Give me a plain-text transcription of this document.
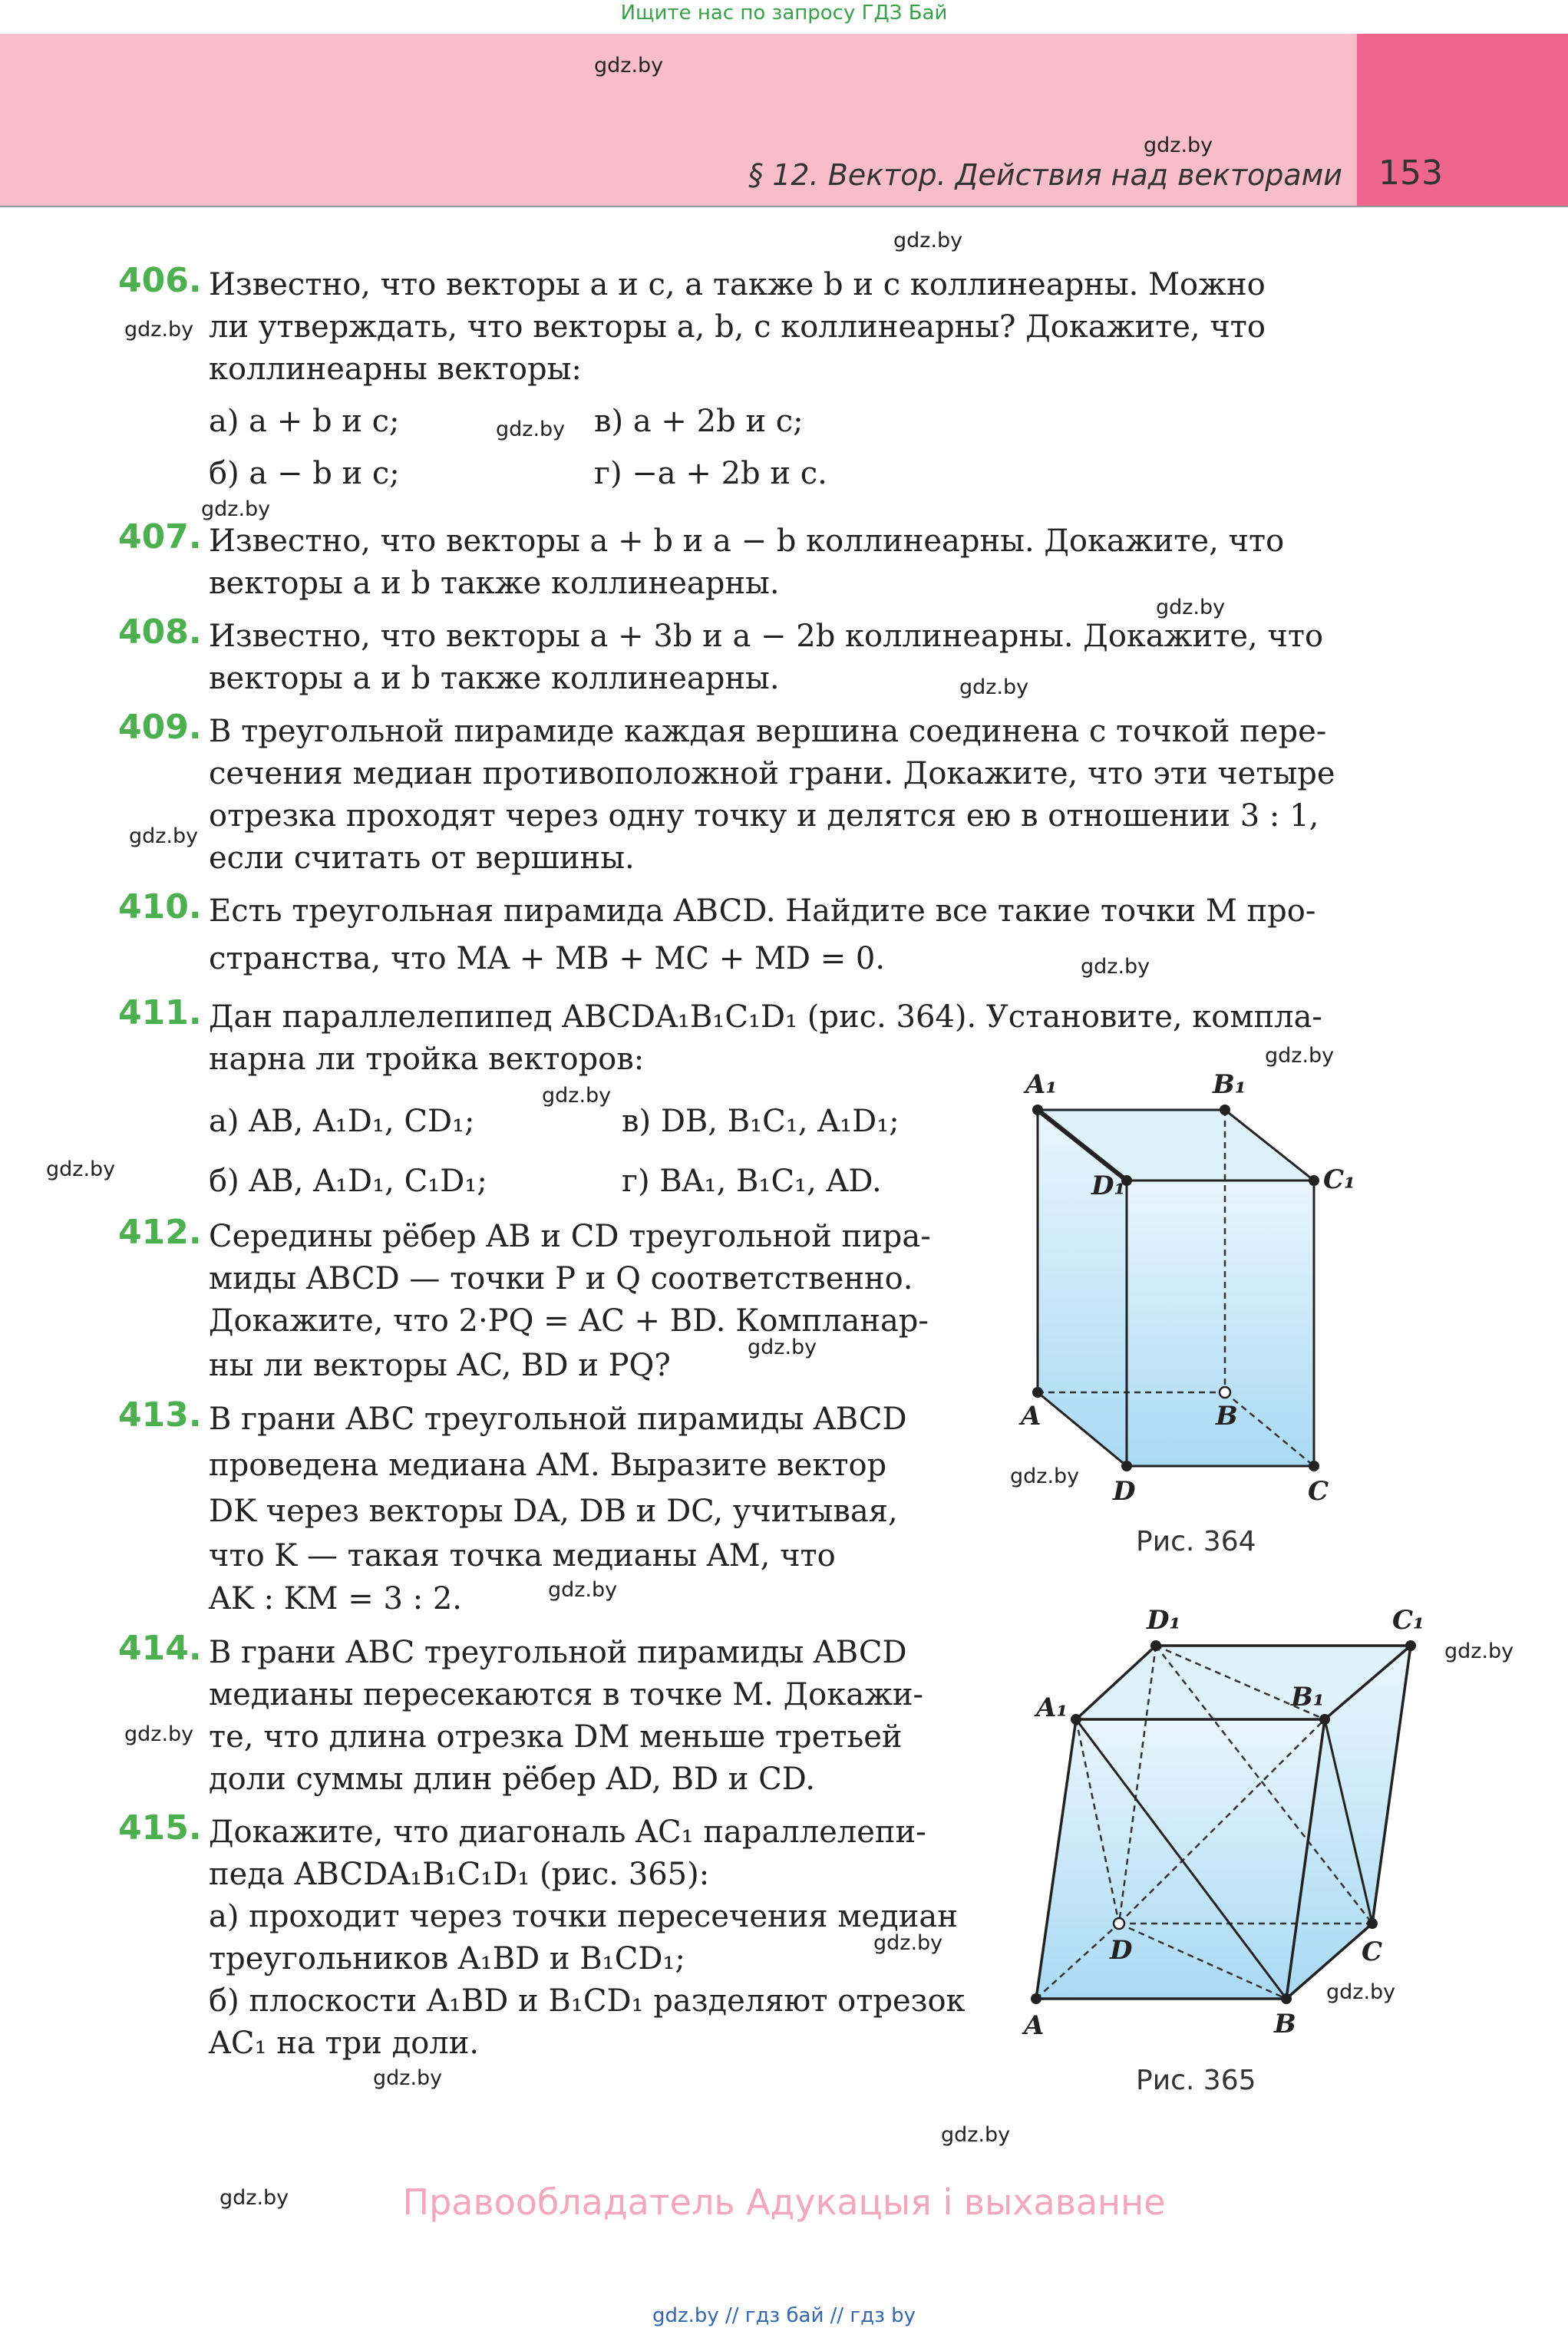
Ищите нас по запросу ГДЗ Бай
§ 12. Вектор. Действия над векторами 153
gdz.by
gdz.by
gdz.by
gdz.by
gdz.by
gdz.by
gdz.by
gdz.by
gdz.by
gdz.by
gdz.by
gdz.by
gdz.by
gdz.by
gdz.by
gdz.by
gdz.by
gdz.by
gdz.by
gdz.by
gdz.by
gdz.by
gdz.by
406. Известно, что векторы a и c, а также b и c коллинеарны. Можно
ли утверждать, что векторы a, b, c коллинеарны? Докажите, что
коллинеарны векторы:
а) a + b и c;	в) a + 2b и c;
б) a − b и c;	г) −a + 2b и c.
407. Известно, что векторы a + b и a − b коллинеарны. Докажите, что
векторы a и b также коллинеарны.
408. Известно, что векторы a + 3b и a − 2b коллинеарны. Докажите, что
векторы a и b также коллинеарны.
409. В треугольной пирамиде каждая вершина соединена с точкой пере-
сечения медиан противоположной грани. Докажите, что эти четыре
отрезка проходят через одну точку и делятся ею в отношении 3 : 1,
если считать от вершины.
410. Есть треугольная пирамида ABCD. Найдите все такие точки M про-
странства, что MA + MB + MC + MD = 0.
411. Дан параллелепипед ABCDA₁B₁C₁D₁ (рис. 364). Установите, компла-
нарна ли тройка векторов:
а) AB, A₁D₁, CD₁;	в) DB, B₁C₁, A₁D₁;
б) AB, A₁D₁, C₁D₁;	г) BA₁, B₁C₁, AD.
412. Середины рёбер AB и CD треугольной пира-
миды ABCD — точки P и Q соответственно.
Докажите, что 2·PQ = AC + BD. Компланар-
ны ли векторы AC, BD и PQ?
413. В грани ABC треугольной пирамиды ABCD
проведена медиана AM. Выразите вектор
DK через векторы DA, DB и DC, учитывая,
что K — такая точка медианы AM, что
AK : KM = 3 : 2.
414. В грани ABC треугольной пирамиды ABCD
медианы пересекаются в точке M. Докажи-
те, что длина отрезка DM меньше третьей
доли суммы длин рёбер AD, BD и CD.
415. Докажите, что диагональ AC₁ параллелепи-
педа ABCDA₁B₁C₁D₁ (рис. 365):
а) проходит через точки пересечения медиан
треугольников A₁BD и B₁CD₁;
б) плоскости A₁BD и B₁CD₁ разделяют отрезок
AC₁ на три доли.
A₁	B₁
C₁
D₁
A	B
C
D
Рис. 364
D₁	C₁
A₁	B₁
D	C
A	B
Рис. 365
Правообладатель Адукацыя і выхаванне
gdz.by // гдз бай // гдз by
